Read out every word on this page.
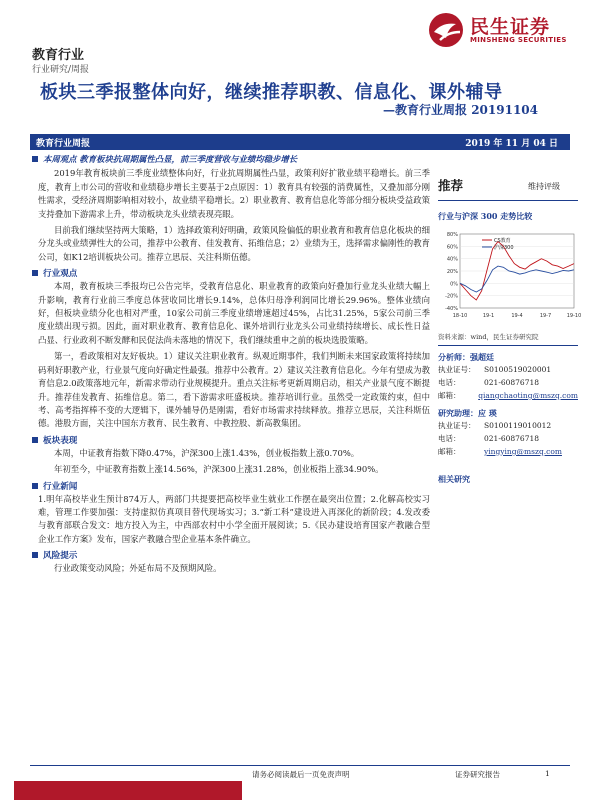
教育行业
行业研究/周报
板块三季报整体向好，继续推荐职教、信息化、课外辅导
—教育行业周报 20191104
民生证券
MINSHENG SECURITIES
教育行业周报	2019 年 11 月 04 日
本周观点 教育板块抗周期属性凸显，前三季度营收与业绩均稳步增长

2019年教育板块前三季度业绩整体向好，行业抗周期属性凸显，政策利好扩散业绩平稳增长。前三季度，教育上市公司的营收和业绩稳步增长主要基于2点原因：1）教育具有较强的消费属性，又叠加部分刚性需求，受经济周期影响相对较小，故业绩平稳增长。2）职业教育、教育信息化等部分细分板块受益政策支持叠加下游需求上升，带动板块龙头业绩表现亮眼。

目前我们继续坚持两大策略，1）选择政策利好明确，政策风险偏低的职业教育和教育信息化板块的细分龙头或业绩弹性大的公司，推荐中公教育、佳发教育、拓维信息；2）业绩为王，选择需求偏刚性的教育公司，如K12培训板块公司。推荐立思辰、关注科斯伍德。

行业观点

本周，教育板块三季报均已公告完毕，受教育信息化、职业教育的政策向好叠加行业龙头业绩大幅上升影响，教育行业前三季度总体营收同比增长9.14%，总体归母净利润同比增长29.96%。整体业绩向好，但板块业绩分化也相对严重，10家公司前三季度业绩增速超过45%，占比31.25%，5家公司前三季度业绩出现亏损。因此，面对职业教育、教育信息化、课外培训行业龙头公司业绩持续增长、成长性日益凸显、行业政利不断发酵和民促法尚未落地的情况下，我们继续重申之前的板块选股策略。

第一，看政策相对友好板块。1）建议关注职业教育。纵观近期事件，我们判断未来国家政策将持续加码利好职教产业，行业景气度向好确定性最强。推荐中公教育。2）建议关注教育信息化。今年有望成为教育信息2.0政策落地元年，新需求带动行业规模提升。重点关注标考更新周期启动，相关产业景气度不断提升。推荐佳发教育、拓维信息。第二，看下游需求旺盛板块。推荐培训行业。虽然受一定政策约束，但中考、高考指挥棒不变的大逻辑下，课外辅导仍是刚需，看好市场需求持续释放。推荐立思辰，关注科斯伍德。港股方面，关注中国东方教育、民生教育、中教控股、新高教集团。

板块表现

本周，中证教育指数下降0.47%，沪深300上涨1.43%，创业板指数上涨0.70%。

年初至今，中证教育指数上涨14.56%，沪深300上涨31.28%，创业板指上涨34.90%。

行业新闻

1.明年高校毕业生预计874万人，两部门共提要把高校毕业生就业工作摆在最突出位置；2.化解高校实习难，管理工作要加强：支持虚拟仿真项目替代现场实习；3.“新工科”建设进入再深化的新阶段；4.发改委与教育部联合发文：地方投入为主，中西部农村中小学全面开展阅读；5.《民办建设培育国家产教融合型企业工作方案》发布，国家产教融合型企业基本条件确立。

风险提示

行业政策变动风险；外延布局不及预期风险。

推荐	维持评级
行业与沪深 300 走势比较
80%
60%
40%
20%
0%
-20%
-40%
18-10	19-1	19-4	19-7	19-10
CS教育
沪深300
资料来源：wind，民生证券研究院
分析师：强超廷
执业证号：	S0100519020001
电话：	021-60876718
邮箱：	qiangchaoting@mszq.com
研究助理：应 瑛
执业证号：	S0100119010012
电话：	021-60876718
邮箱：	yingying@mszq.com
相关研究
请务必阅读最后一页免责声明	证券研究报告	1
